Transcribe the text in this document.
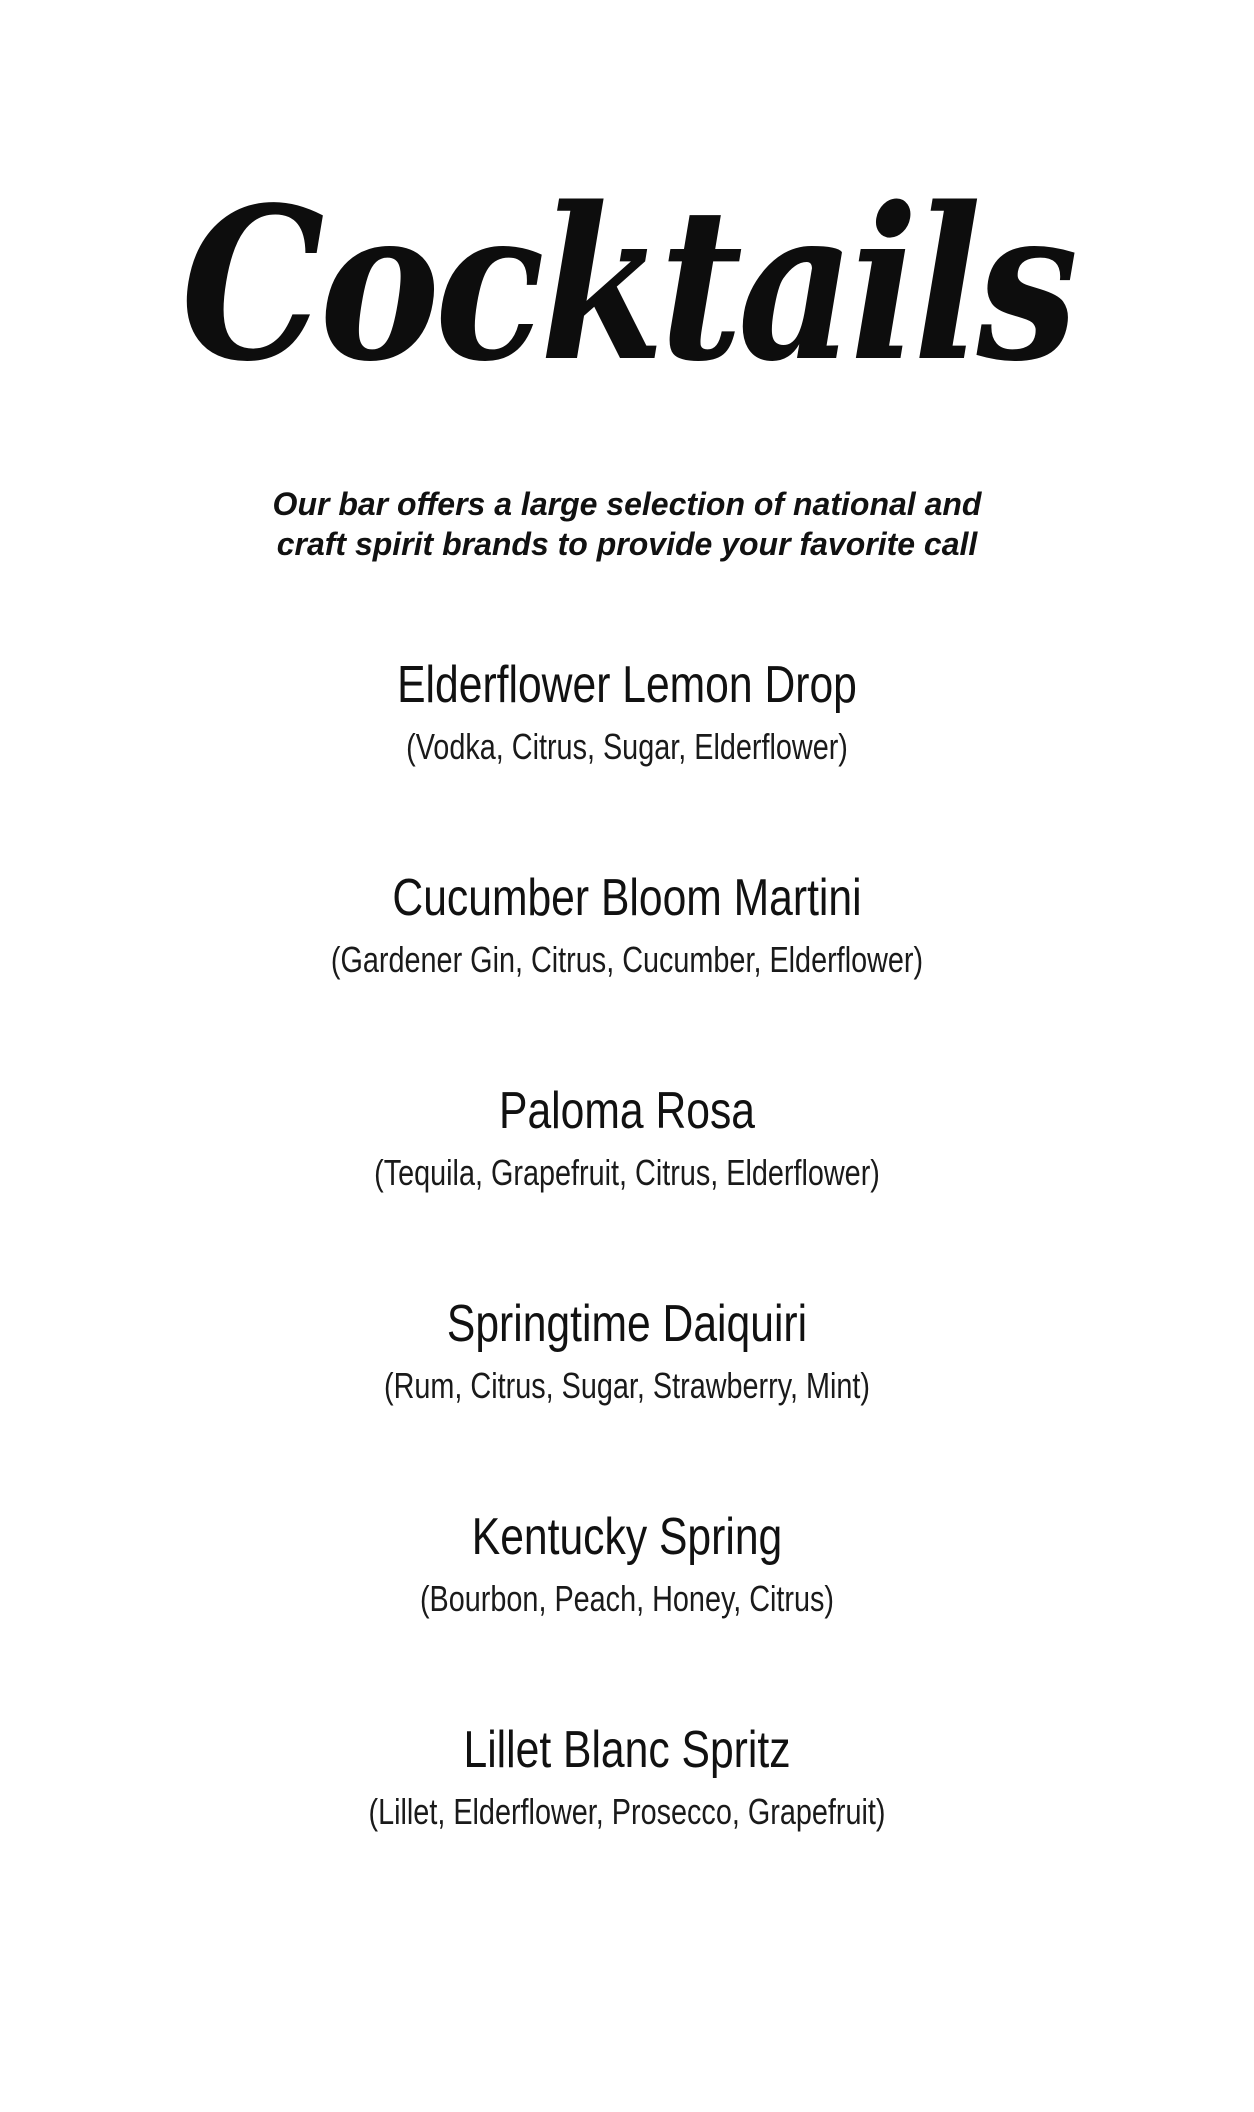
Cocktails
Our bar offers a large selection of national and
craft spirit brands to provide your favorite call
Elderflower Lemon Drop
(Vodka, Citrus, Sugar, Elderflower)
Cucumber Bloom Martini
(Gardener Gin, Citrus, Cucumber, Elderflower)
Paloma Rosa
(Tequila, Grapefruit, Citrus, Elderflower)
Springtime Daiquiri
(Rum, Citrus, Sugar, Strawberry, Mint)
Kentucky Spring
(Bourbon, Peach, Honey, Citrus)
Lillet Blanc Spritz
(Lillet, Elderflower, Prosecco, Grapefruit)
